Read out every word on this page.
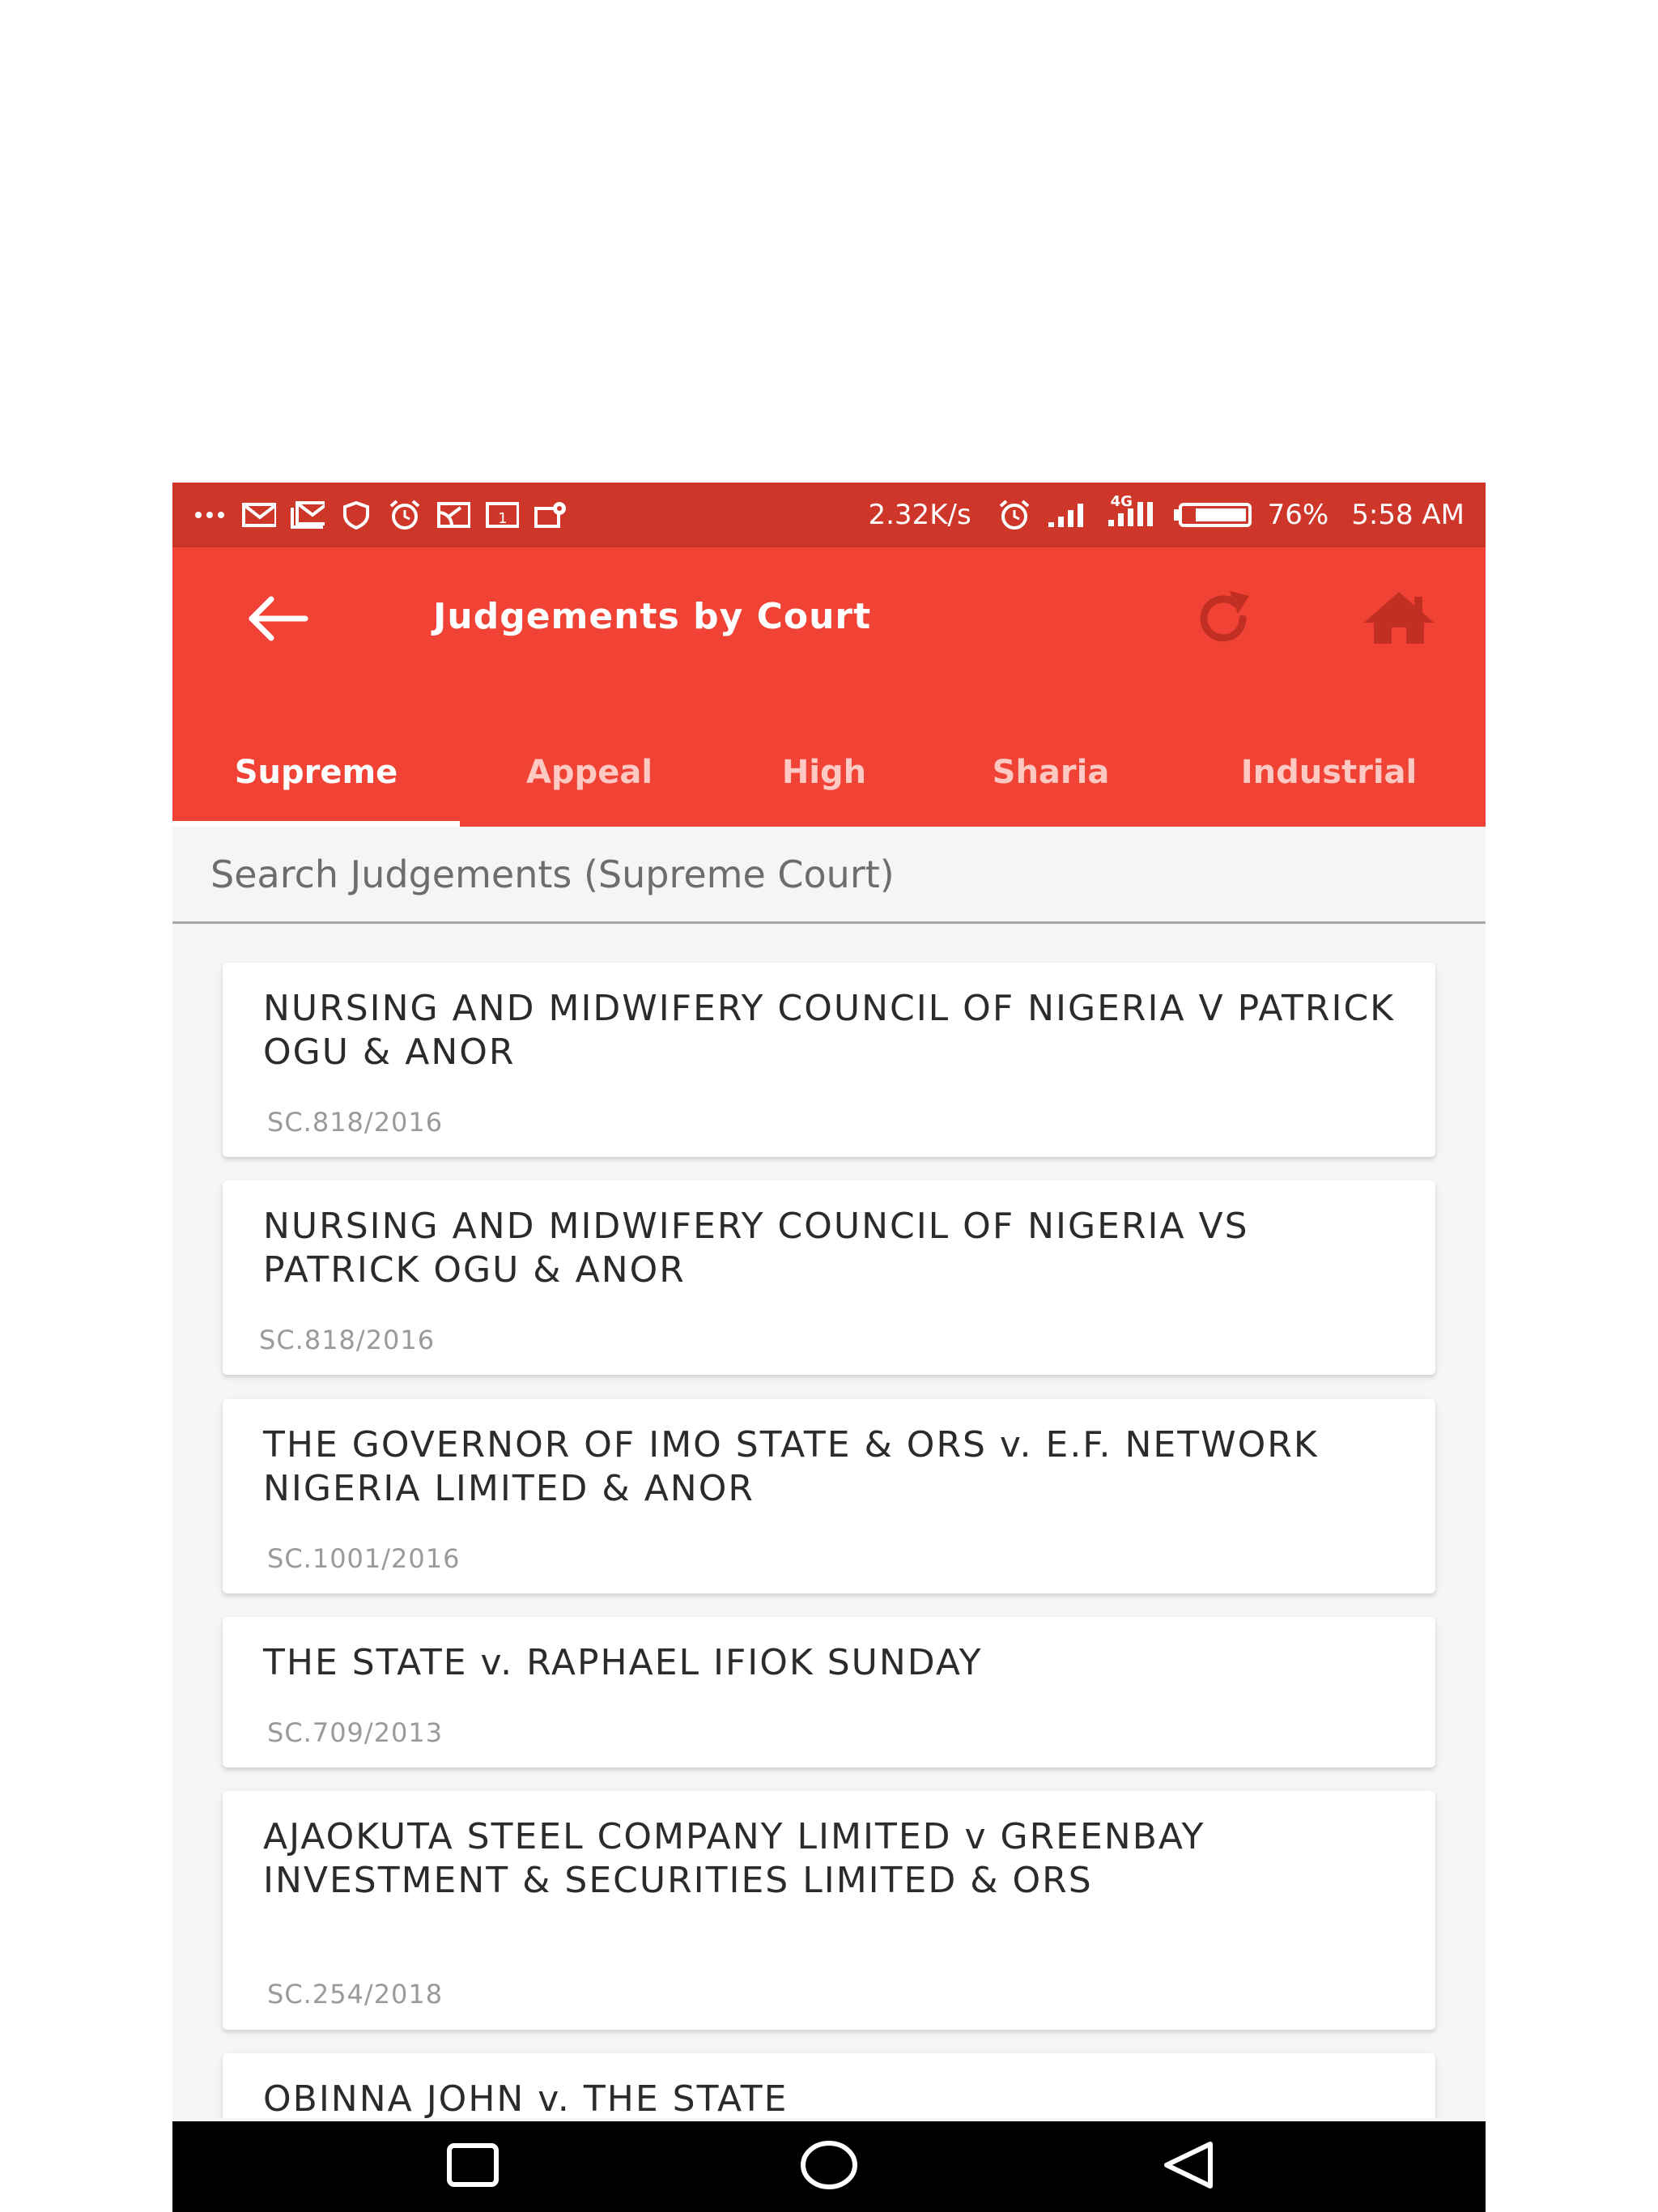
1	2.32K/s	4G	76% 5:58 AM
Judgements by Court
Supreme	Appeal	High	Sharia	Industrial
Search Judgements (Supreme Court)
NURSING AND MIDWIFERY COUNCIL OF NIGERIA V PATRICK OGU & ANOR
SC.818/2016
NURSING AND MIDWIFERY COUNCIL OF NIGERIA VS PATRICK OGU & ANOR
SC.818/2016
THE GOVERNOR OF IMO STATE & ORS v. E.F. NETWORK NIGERIA LIMITED & ANOR
SC.1001/2016
THE STATE v. RAPHAEL IFIOK SUNDAY
SC.709/2013
AJAOKUTA STEEL COMPANY LIMITED v GREENBAY INVESTMENT & SECURITIES LIMITED & ORS
SC.254/2018
OBINNA JOHN v. THE STATE
